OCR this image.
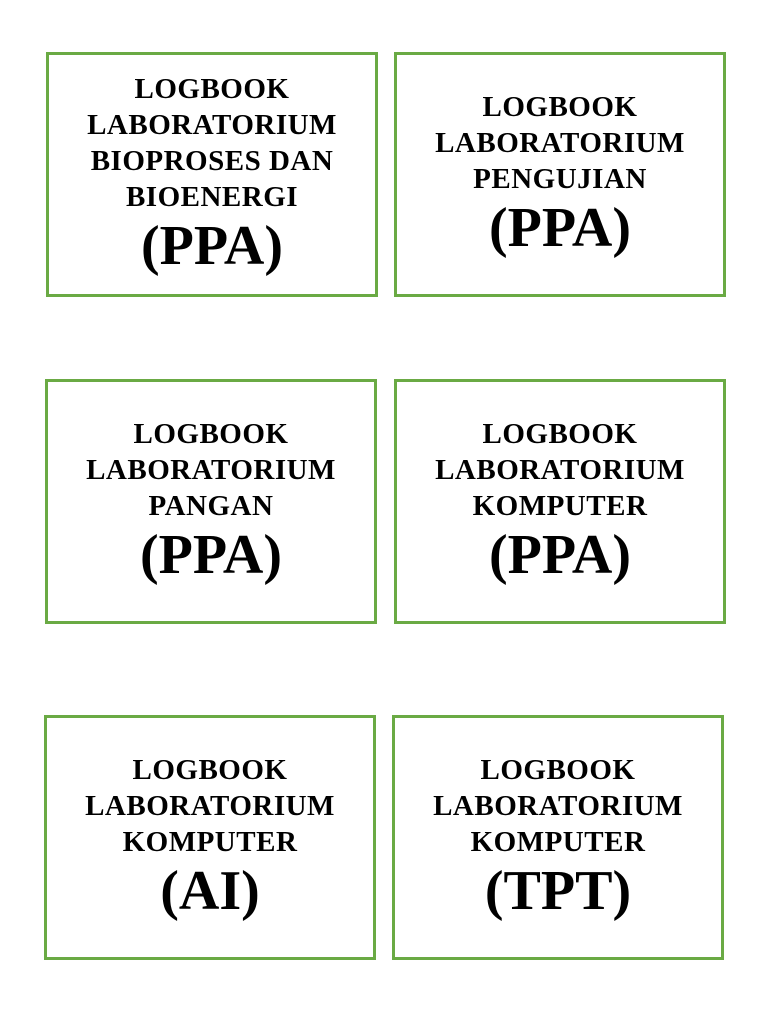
LOGBOOK
LABORATORIUM
BIOPROSES DAN
BIOENERGI
(PPA)
LOGBOOK
LABORATORIUM
PENGUJIAN
(PPA)
LOGBOOK
LABORATORIUM
PANGAN
(PPA)
LOGBOOK
LABORATORIUM
KOMPUTER
(PPA)
LOGBOOK
LABORATORIUM
KOMPUTER
(AI)
LOGBOOK
LABORATORIUM
KOMPUTER
(TPT)
